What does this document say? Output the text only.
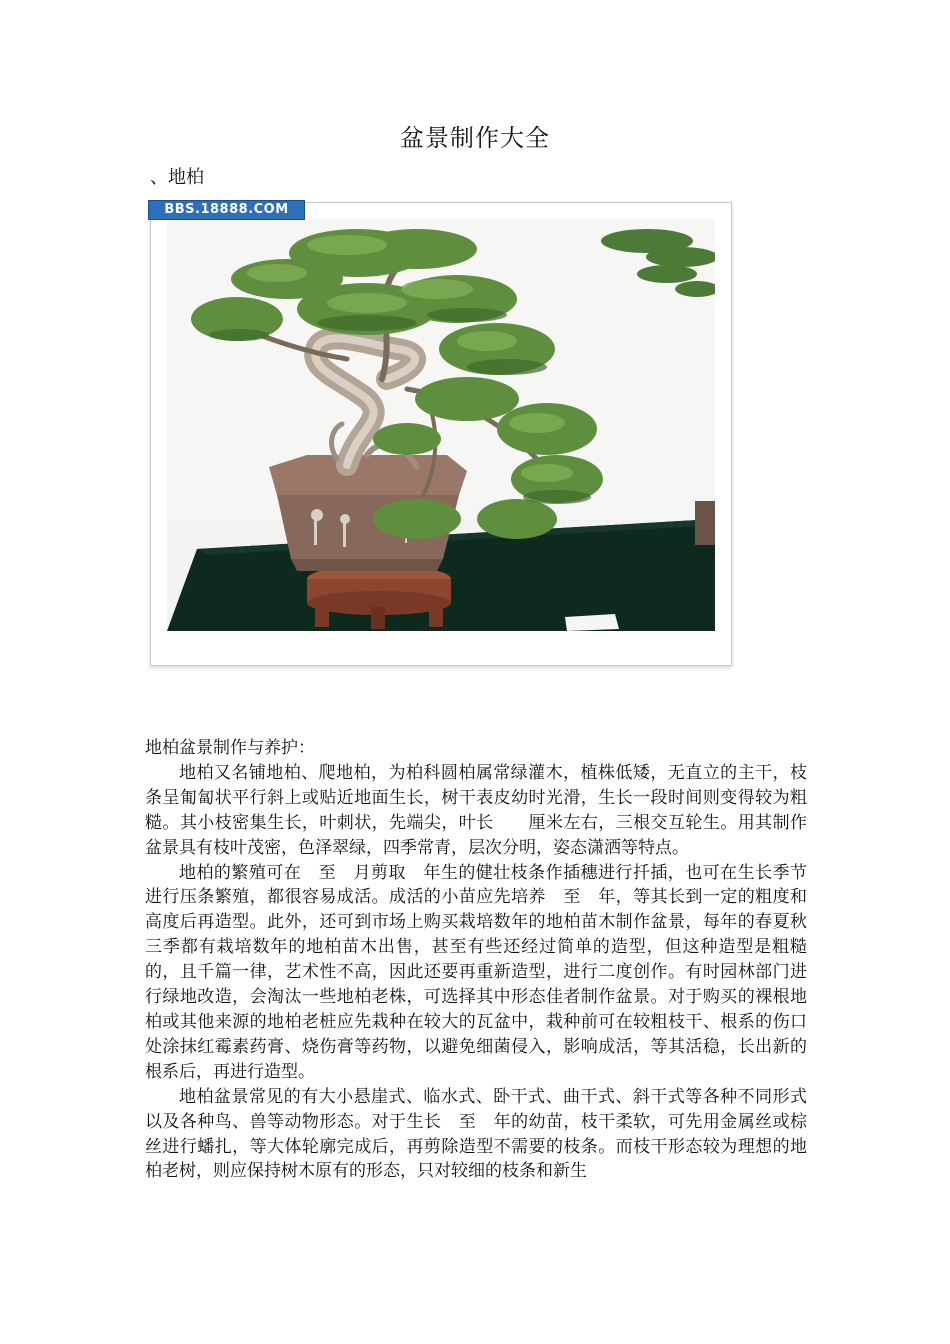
盆景制作大全
、地柏
BBS.18888.COM

地柏盆景制作与养护：

地柏又名铺地柏、爬地柏，为柏科圆柏属常绿灌木，植株低矮，无直立的主干，枝条呈匍匐状平行斜上或贴近地面生长，树干表皮幼时光滑，生长一段时间则变得较为粗糙。其小枝密集生长，叶刺状，先端尖，叶长　　厘米左右，三根交互轮生。用其制作盆景具有枝叶茂密，色泽翠绿，四季常青，层次分明，姿态潇洒等特点。

地柏的繁殖可在　至　月剪取　年生的健壮枝条作插穗进行扦插，也可在生长季节进行压条繁殖，都很容易成活。成活的小苗应先培养　至　年，等其长到一定的粗度和高度后再造型。此外，还可到市场上购买栽培数年的地柏苗木制作盆景，每年的春夏秋三季都有栽培数年的地柏苗木出售，甚至有些还经过简单的造型，但这种造型是粗糙的，且千篇一律，艺术性不高，因此还要再重新造型，进行二度创作。有时园林部门进行绿地改造，会淘汰一些地柏老株，可选择其中形态佳者制作盆景。对于购买的裸根地柏或其他来源的地柏老桩应先栽种在较大的瓦盆中，栽种前可在较粗枝干、根系的伤口处涂抹红霉素药膏、烧伤膏等药物，以避免细菌侵入，影响成活，等其活稳，长出新的根系后，再进行造型。

地柏盆景常见的有大小悬崖式、临水式、卧干式、曲干式、斜干式等各种不同形式以及各种鸟、兽等动物形态。对于生长　至　年的幼苗，枝干柔软，可先用金属丝或棕丝进行蟠扎，等大体轮廓完成后，再剪除造型不需要的枝条。而枝干形态较为理想的地柏老树，则应保持树木原有的形态，只对较细的枝条和新生
